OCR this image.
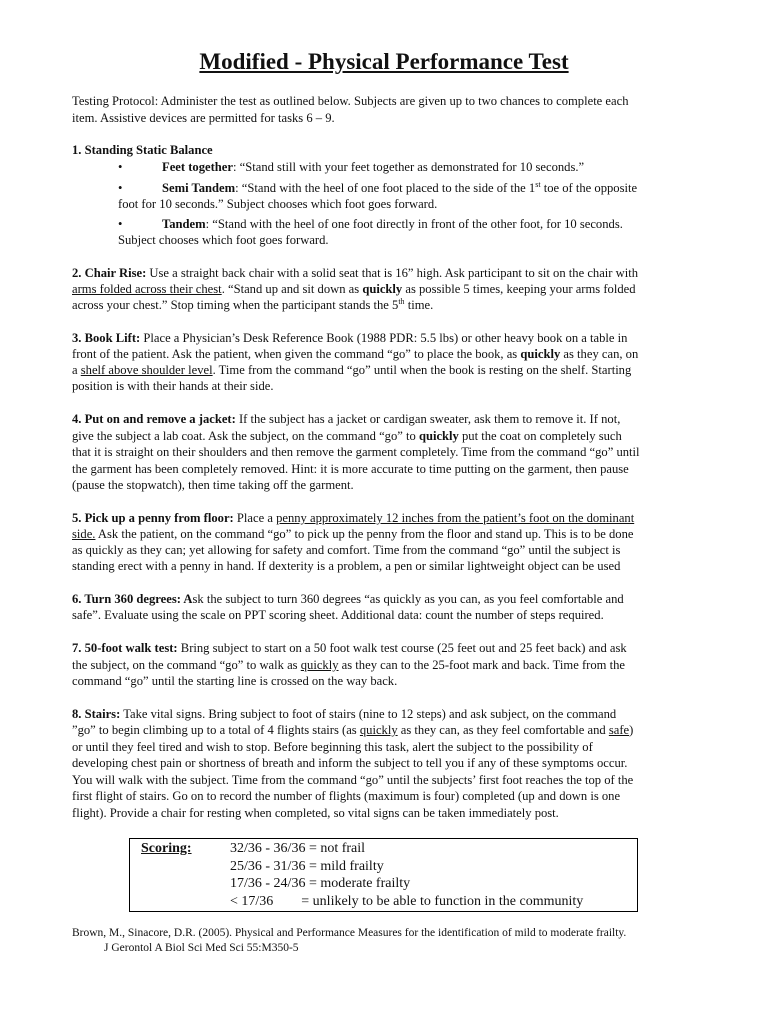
Modified - Physical Performance Test
Testing Protocol: Administer the test as outlined below. Subjects are given up to two chances to complete each
item. Assistive devices are permitted for tasks 6 – 9.
1. Standing Static Balance
•	Feet together: “Stand still with your feet together as demonstrated for 10 seconds.”
•	Semi Tandem: “Stand with the heel of one foot placed to the side of the 1st toe of the opposite
foot for 10 seconds.” Subject chooses which foot goes forward.
•	Tandem: “Stand with the heel of one foot directly in front of the other foot, for 10 seconds.
Subject chooses which foot goes forward.
2. Chair Rise: Use a straight back chair with a solid seat that is 16” high. Ask participant to sit on the chair with
arms folded across their chest. “Stand up and sit down as quickly as possible 5 times, keeping your arms folded
across your chest.” Stop timing when the participant stands the 5th time.
3. Book Lift: Place a Physician’s Desk Reference Book (1988 PDR: 5.5 lbs) or other heavy book on a table in
front of the patient. Ask the patient, when given the command “go” to place the book, as quickly as they can, on
a shelf above shoulder level. Time from the command “go” until when the book is resting on the shelf. Starting
position is with their hands at their side.
4. Put on and remove a jacket: If the subject has a jacket or cardigan sweater, ask them to remove it. If not,
give the subject a lab coat. Ask the subject, on the command “go” to quickly put the coat on completely such
that it is straight on their shoulders and then remove the garment completely. Time from the command “go” until
the garment has been completely removed. Hint: it is more accurate to time putting on the garment, then pause
(pause the stopwatch), then time taking off the garment.
5. Pick up a penny from floor: Place a penny approximately 12 inches from the patient’s foot on the dominant
side. Ask the patient, on the command “go” to pick up the penny from the floor and stand up. This is to be done
as quickly as they can; yet allowing for safety and comfort. Time from the command “go” until the subject is
standing erect with a penny in hand. If dexterity is a problem, a pen or similar lightweight object can be used
6. Turn 360 degrees: Ask the subject to turn 360 degrees “as quickly as you can, as you feel comfortable and
safe”. Evaluate using the scale on PPT scoring sheet. Additional data: count the number of steps required.
7. 50-foot walk test: Bring subject to start on a 50 foot walk test course (25 feet out and 25 feet back) and ask
the subject, on the command “go” to walk as quickly as they can to the 25-foot mark and back. Time from the
command “go” until the starting line is crossed on the way back.
8. Stairs: Take vital signs. Bring subject to foot of stairs (nine to 12 steps) and ask subject, on the command
”go” to begin climbing up to a total of 4 flights stairs (as quickly as they can, as they feel comfortable and safe)
or until they feel tired and wish to stop. Before beginning this task, alert the subject to the possibility of
developing chest pain or shortness of breath and inform the subject to tell you if any of these symptoms occur.
You will walk with the subject. Time from the command “go” until the subjects’ first foot reaches the top of the
first flight of stairs. Go on to record the number of flights (maximum is four) completed (up and down is one
flight). Provide a chair for resting when completed, so vital signs can be taken immediately post.
Scoring:	32/36 - 36/36 = not frail
25/36 - 31/36 = mild frailty
17/36 - 24/36 = moderate frailty
< 17/36        = unlikely to be able to function in the community
Brown, M., Sinacore, D.R. (2005). Physical and Performance Measures for the identification of mild to moderate frailty.
J Gerontol A Biol Sci Med Sci 55:M350-5
